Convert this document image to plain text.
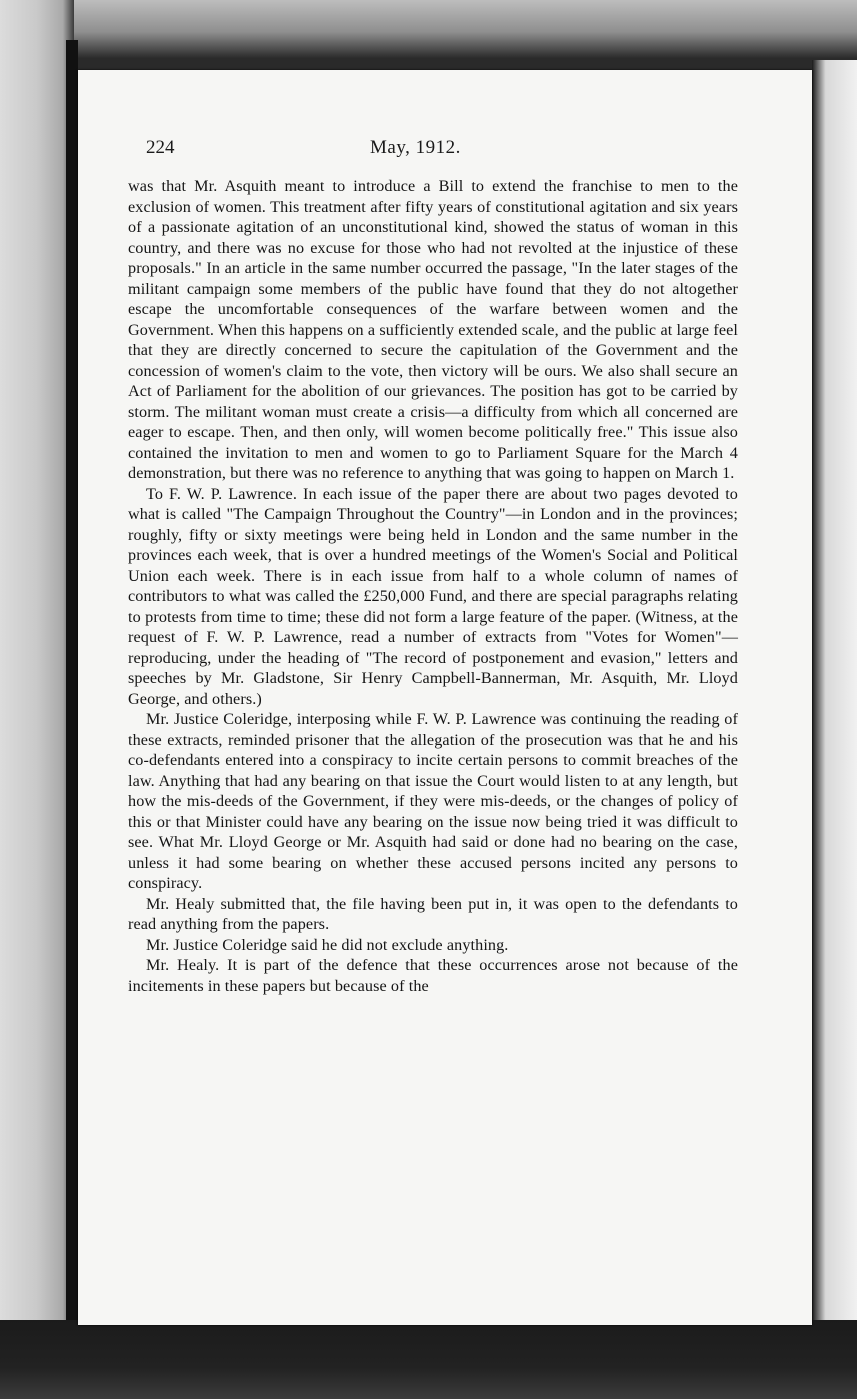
224	May, 1912.

was that Mr. Asquith meant to introduce a Bill to extend the franchise to men to the exclusion of women. This treatment after fifty years of constitutional agitation and six years of a passionate agitation of an unconstitutional kind, showed the status of woman in this country, and there was no excuse for those who had not revolted at the injustice of these proposals." In an article in the same number occurred the passage, "In the later stages of the militant campaign some members of the public have found that they do not altogether escape the uncomfortable consequences of the warfare between women and the Government. When this happens on a sufficiently extended scale, and the public at large feel that they are directly concerned to secure the capitulation of the Government and the concession of women's claim to the vote, then victory will be ours. We also shall secure an Act of Parliament for the abolition of our grievances. The position has got to be carried by storm. The militant woman must create a crisis—a difficulty from which all concerned are eager to escape. Then, and then only, will women become politically free." This issue also contained the invitation to men and women to go to Parliament Square for the March 4 demonstration, but there was no reference to anything that was going to happen on March 1.

To F. W. P. Lawrence. In each issue of the paper there are about two pages devoted to what is called "The Campaign Throughout the Country"—in London and in the provinces; roughly, fifty or sixty meetings were being held in London and the same number in the provinces each week, that is over a hundred meetings of the Women's Social and Political Union each week. There is in each issue from half to a whole column of names of contributors to what was called the £250,000 Fund, and there are special paragraphs relating to protests from time to time; these did not form a large feature of the paper. (Witness, at the request of F. W. P. Lawrence, read a number of extracts from "Votes for Women"—reproducing, under the heading of "The record of postponement and evasion," letters and speeches by Mr. Gladstone, Sir Henry Campbell-Bannerman, Mr. Asquith, Mr. Lloyd George, and others.)

Mr. Justice Coleridge, interposing while F. W. P. Lawrence was continuing the reading of these extracts, reminded prisoner that the allegation of the prosecution was that he and his co-defendants entered into a conspiracy to incite certain persons to commit breaches of the law. Anything that had any bearing on that issue the Court would listen to at any length, but how the mis-deeds of the Government, if they were mis-deeds, or the changes of policy of this or that Minister could have any bearing on the issue now being tried it was difficult to see. What Mr. Lloyd George or Mr. Asquith had said or done had no bearing on the case, unless it had some bearing on whether these accused persons incited any persons to conspiracy.

Mr. Healy submitted that, the file having been put in, it was open to the defendants to read anything from the papers.

Mr. Justice Coleridge said he did not exclude anything.

Mr. Healy. It is part of the defence that these occurrences arose not because of the incitements in these papers but because of the
